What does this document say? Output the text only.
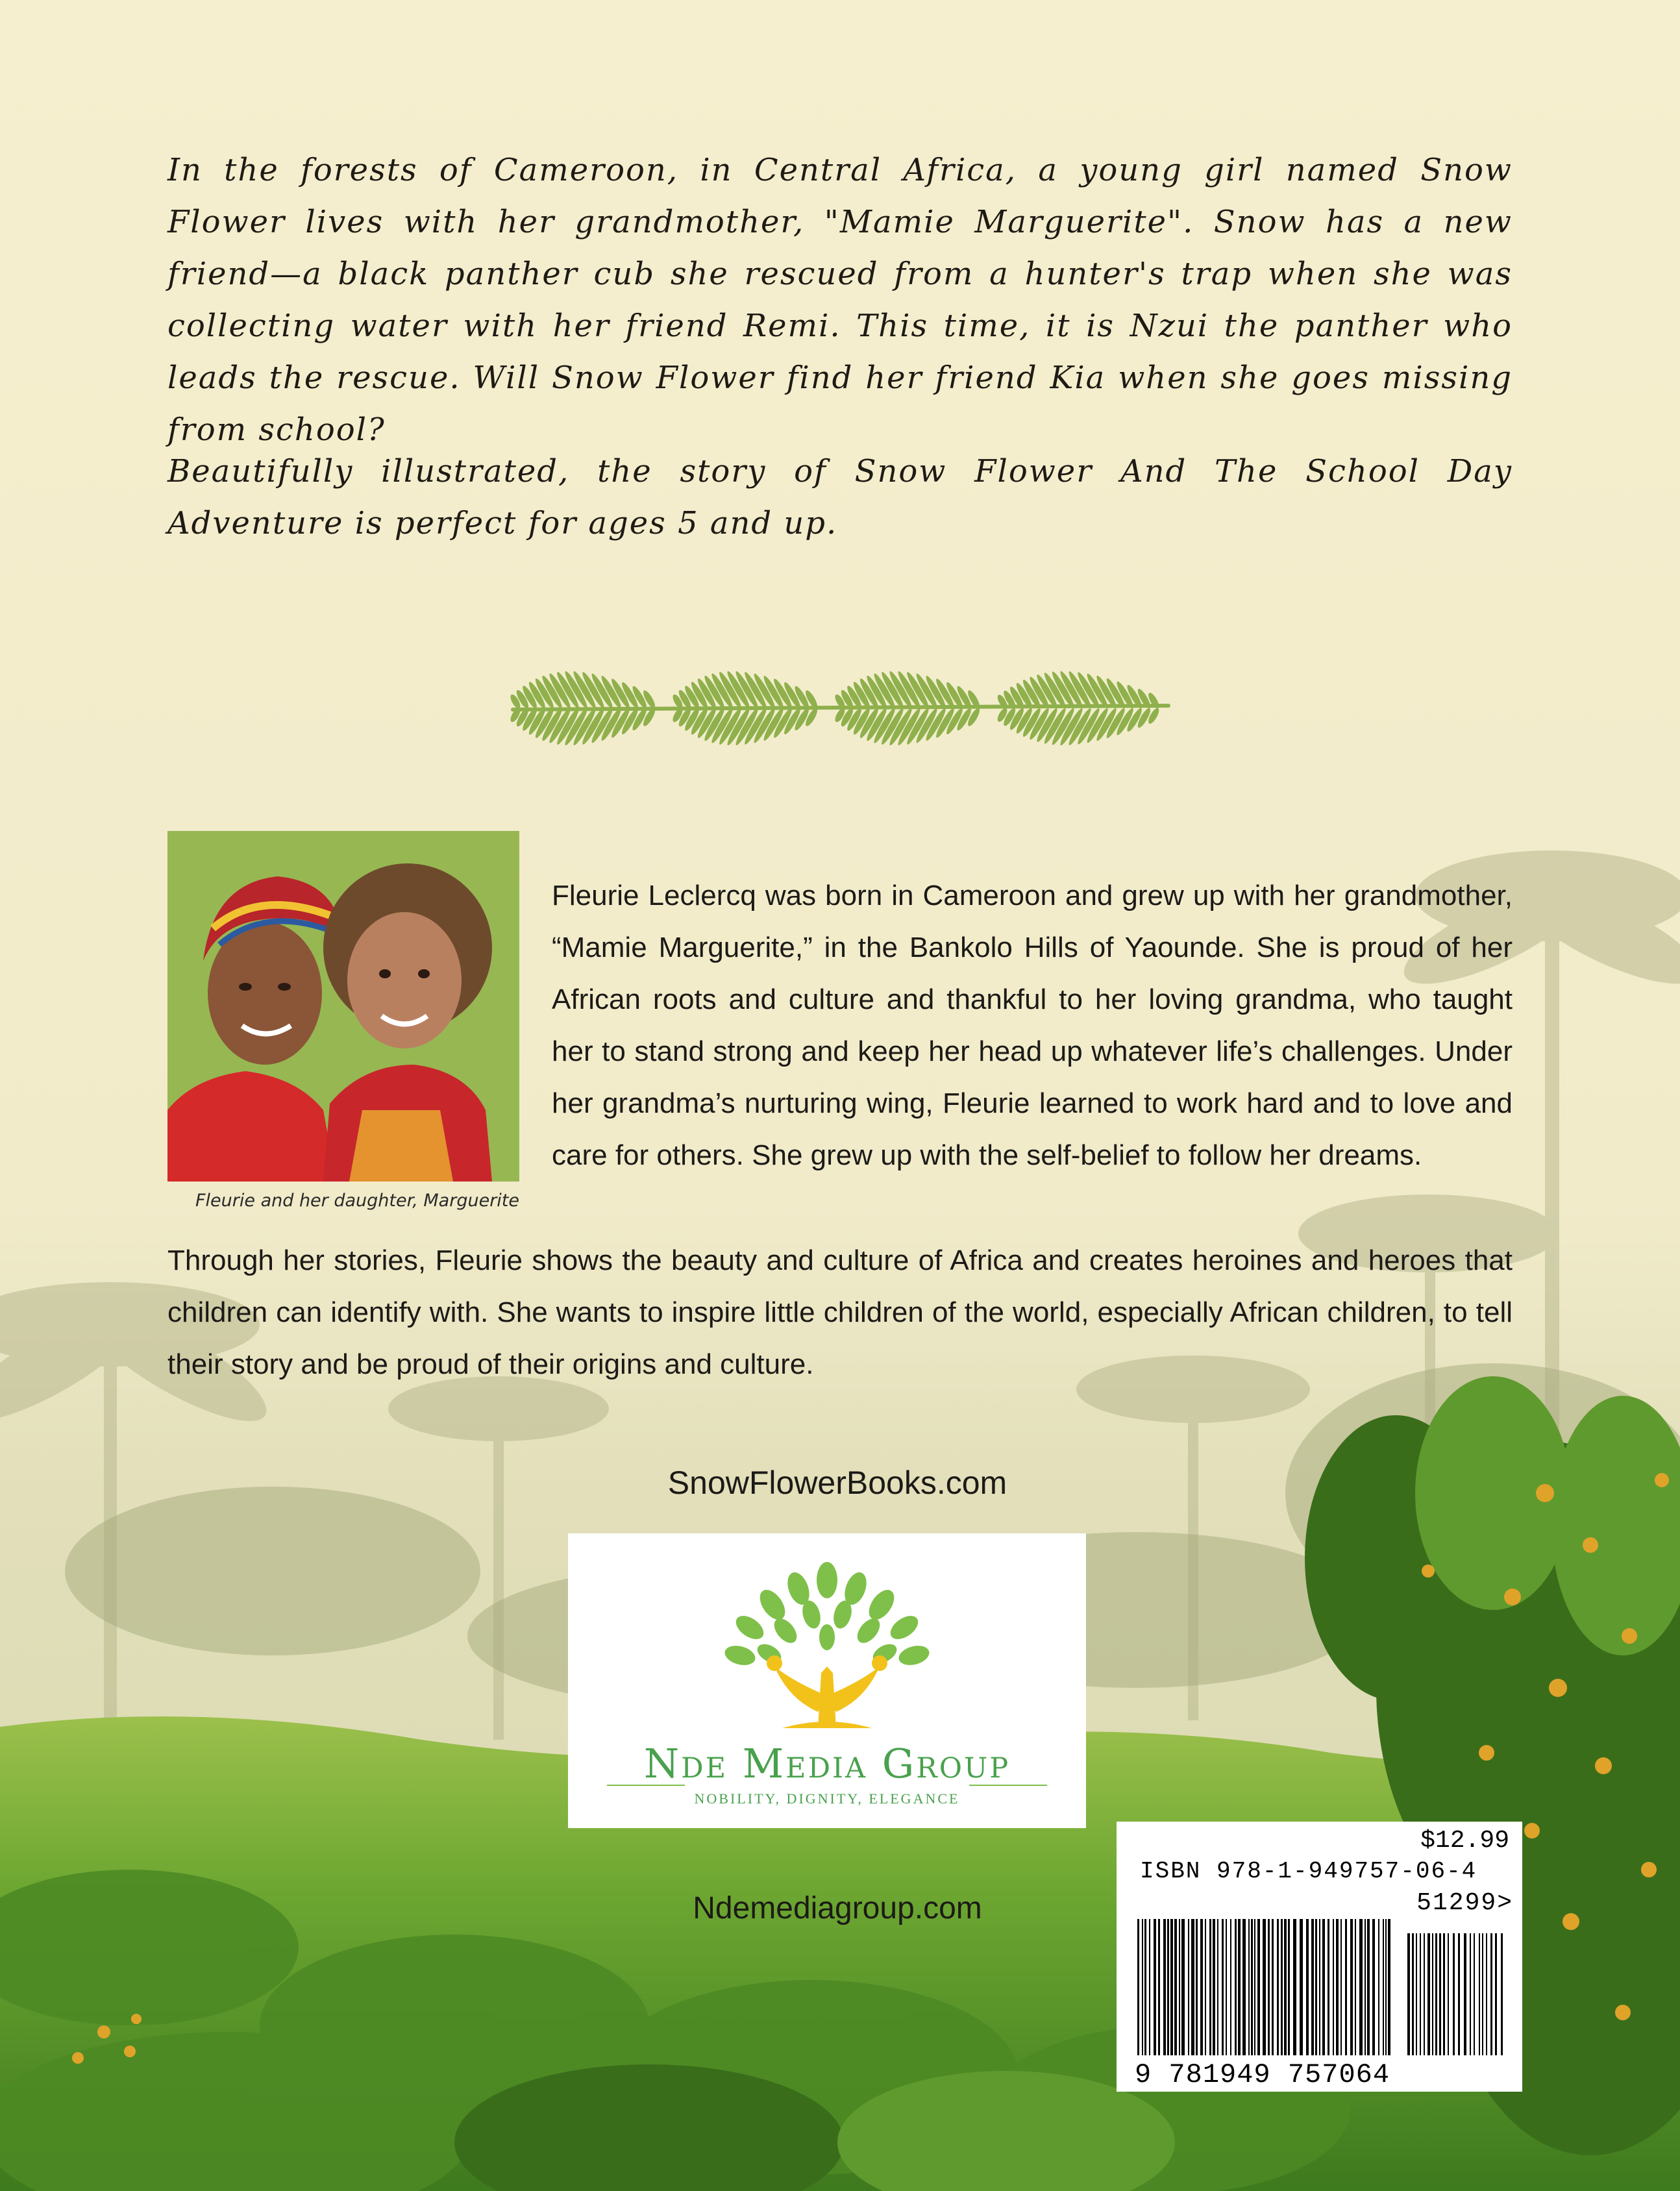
In the forests of Cameroon, in Central Africa, a young girl named Snow Flower lives with her grandmother, "Mamie Marguerite". Snow has a new friend—a black panther cub she rescued from a hunter's trap when she was collecting water with her friend Remi. This time, it is Nzui the panther who leads the rescue. Will Snow Flower find her friend Kia when she goes missing from school?

Beautifully illustrated, the story of Snow Flower And The School Day Adventure is perfect for ages 5 and up.

Fleurie and her daughter, Marguerite

Fleurie Leclercq was born in Cameroon and grew up with her grandmother, “Mamie Marguerite,” in the Bankolo Hills of Yaounde. She is proud of her African roots and culture and thankful to her loving grandma, who taught her to stand strong and keep her head up whatever life’s challenges. Under her grandma’s nurturing wing, Fleurie learned to work hard and to love and care for others. She grew up with the self-belief to follow her dreams.

Through her stories, Fleurie shows the beauty and culture of Africa and creates heroines and heroes that children can identify with. She wants to inspire little children of the world, especially African children, to tell their story and be proud of their origins and culture.

SnowFlowerBooks.com
Nde Media Group
NOBILITY, DIGNITY, ELEGANCE
Ndemediagroup.com
$12.99
ISBN 978-1-949757-06-4
51299>
9 781949 757064
